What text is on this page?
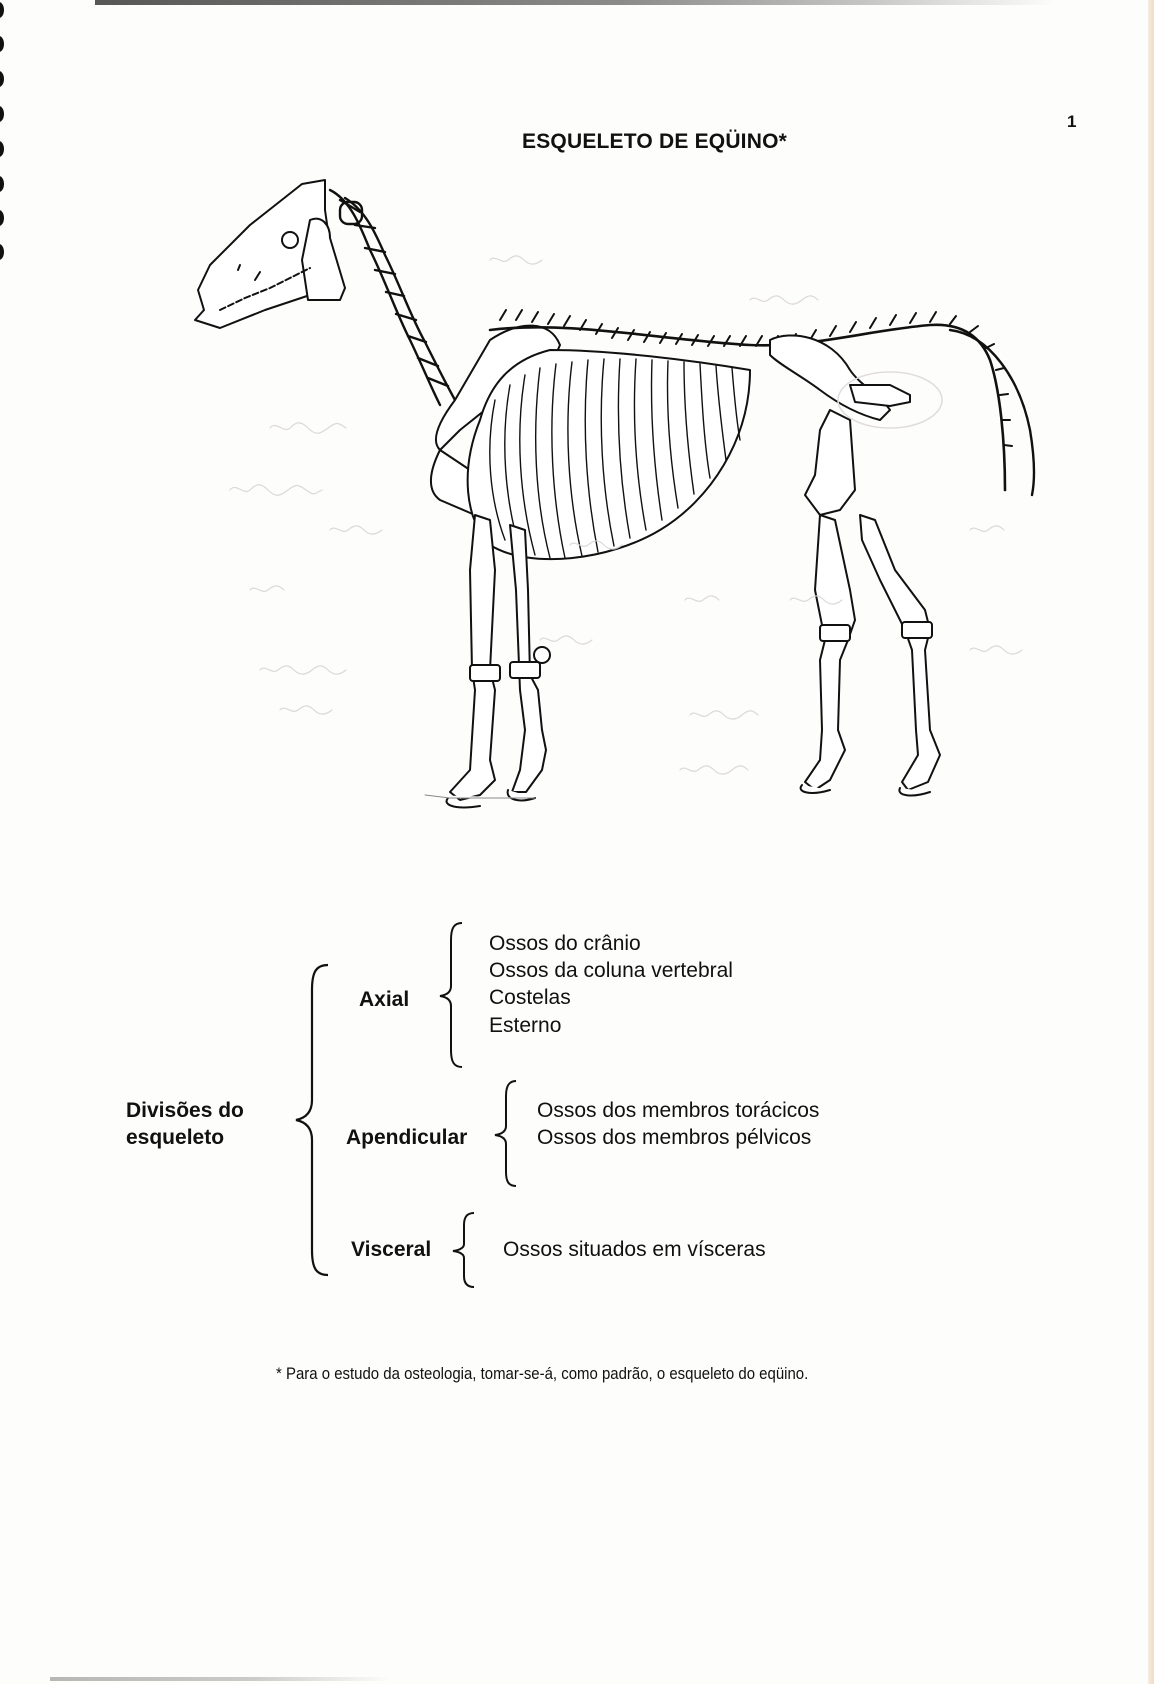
1
ESQUELETO DE EQÜINO*
Divisões do
esqueleto
Axial
Ossos do crânio
Ossos da coluna vertebral
Costelas
Esterno
Apendicular
Ossos dos membros torácicos
Ossos dos membros pélvicos
Visceral	Ossos situados em vísceras
* Para o estudo da osteologia, tomar-se-á, como padrão, o esqueleto do eqüino.
